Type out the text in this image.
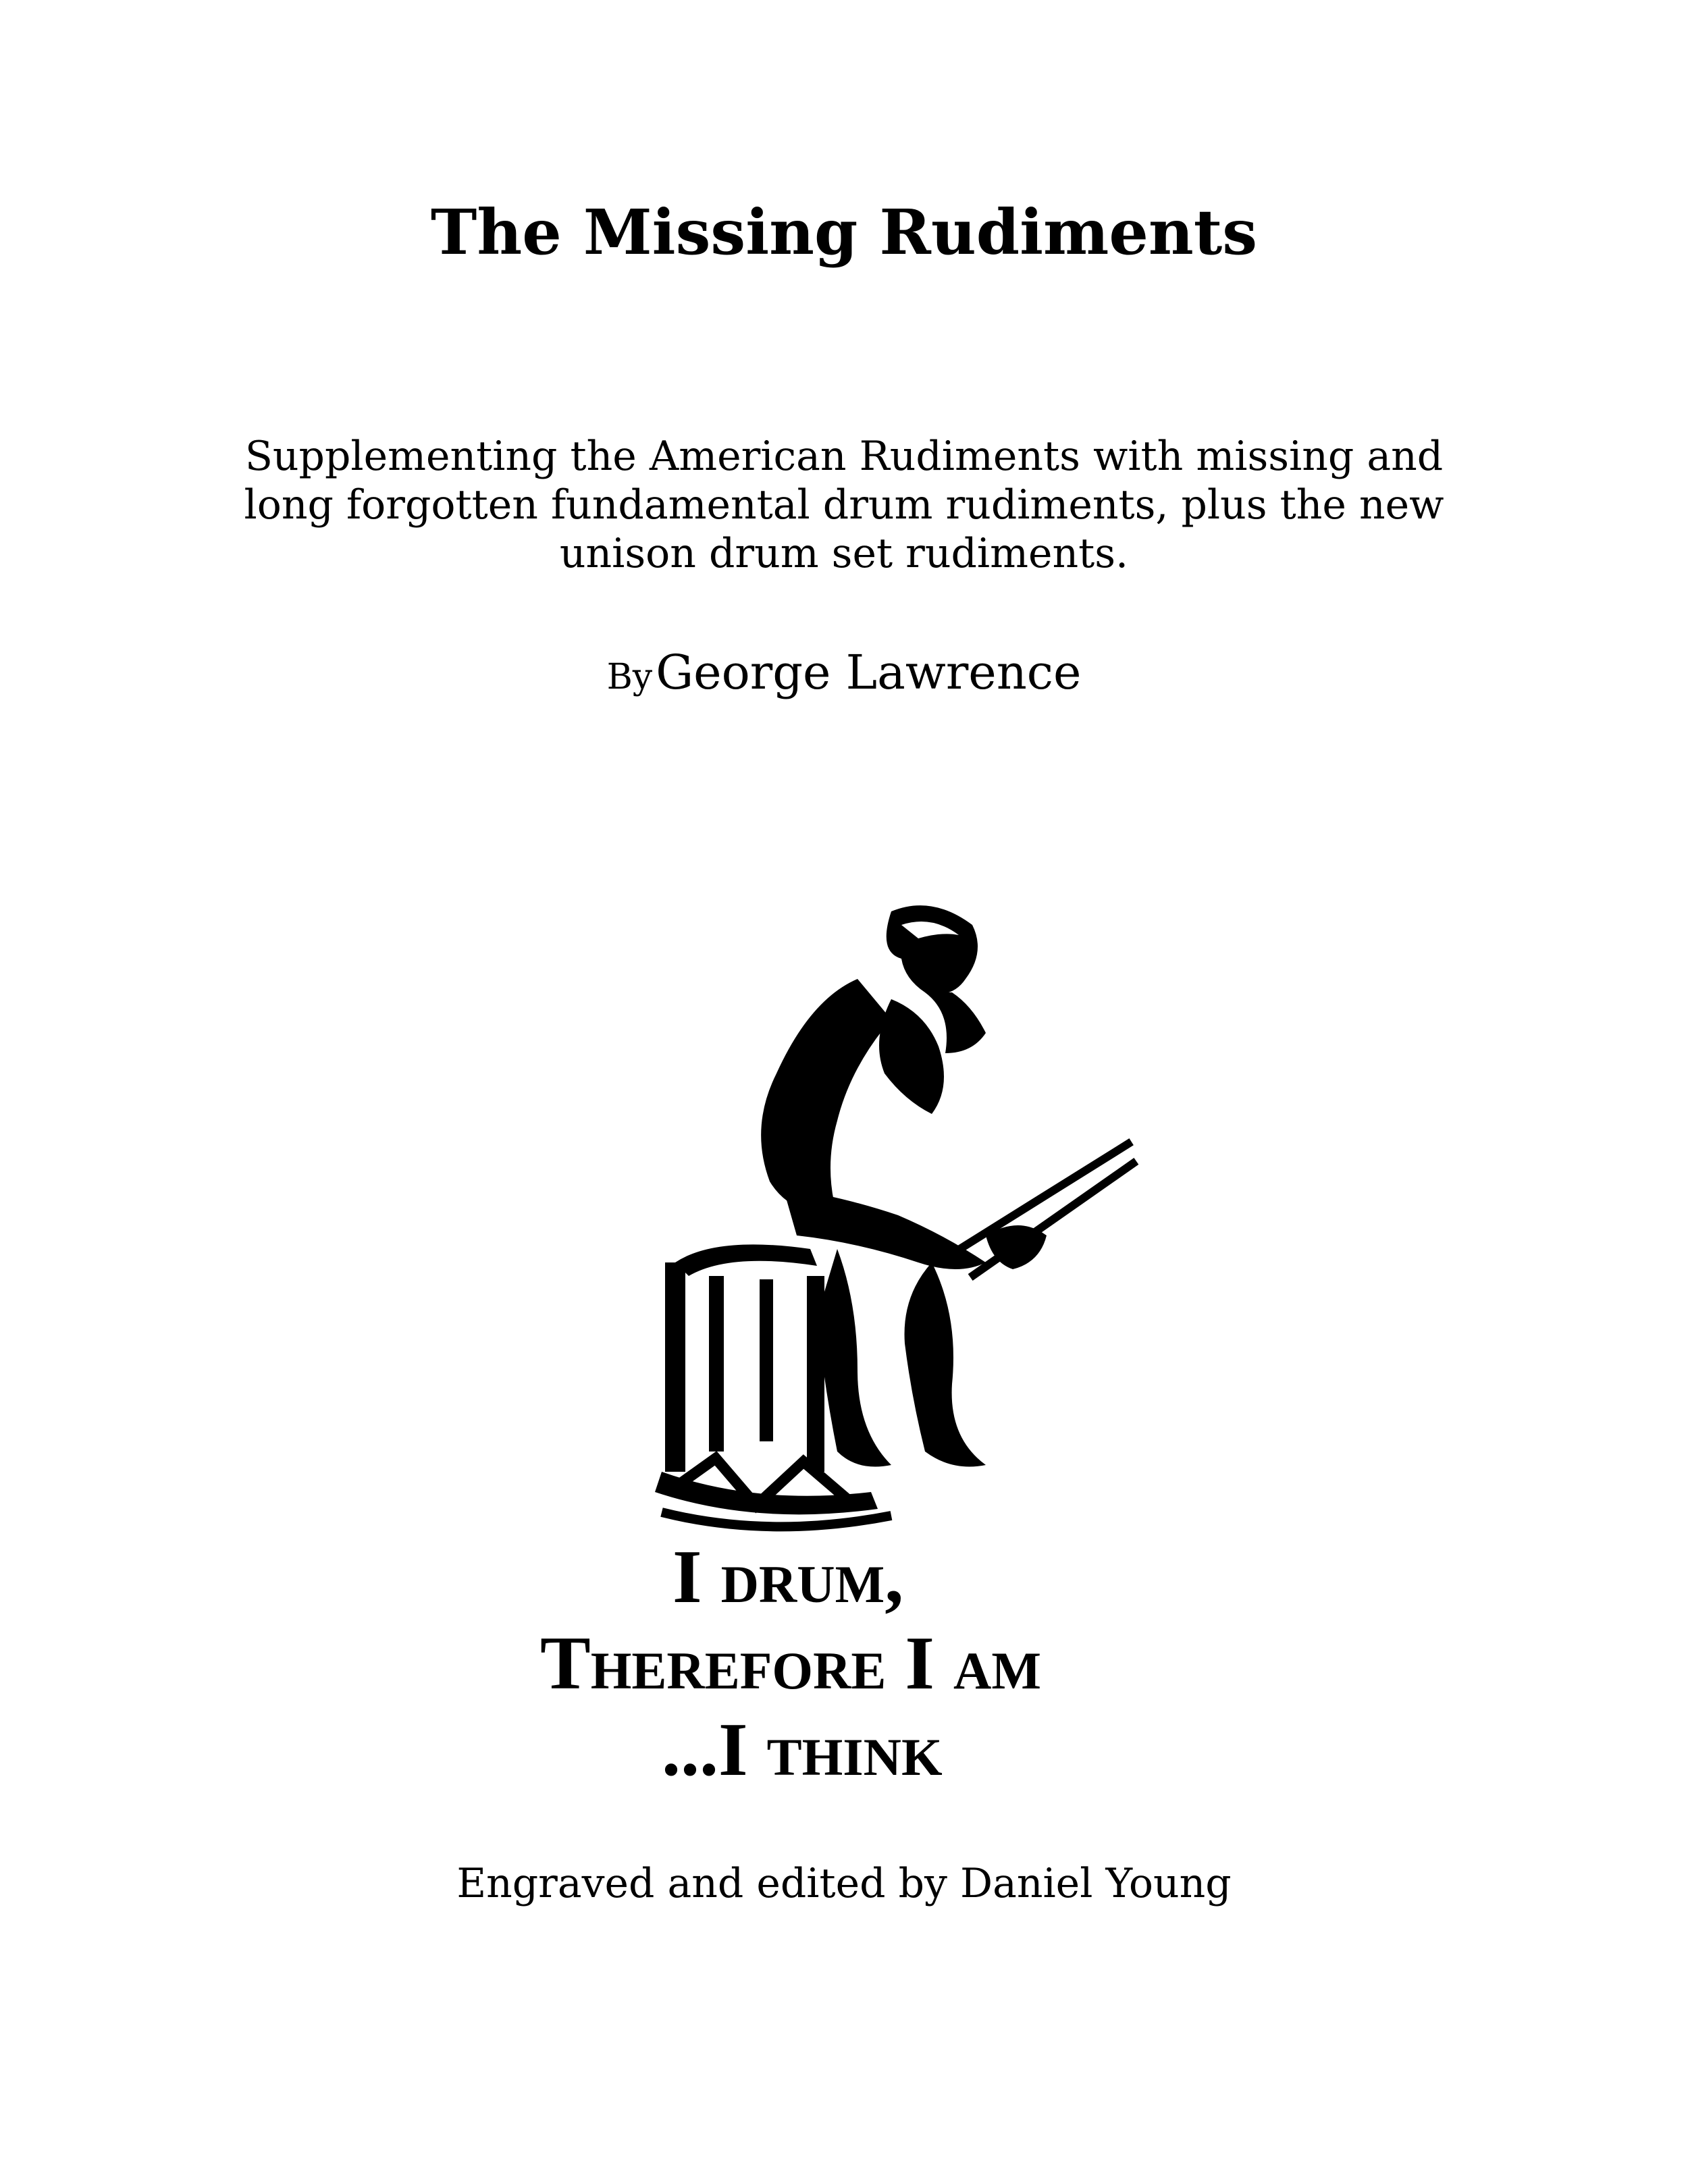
The Missing Rudiments
Supplementing the American Rudiments with missing and long forgotten fundamental drum rudiments, plus the new unison drum set rudiments.
By George Lawrence
I drum,
Therefore I am
...I think
Engraved and edited by Daniel Young
